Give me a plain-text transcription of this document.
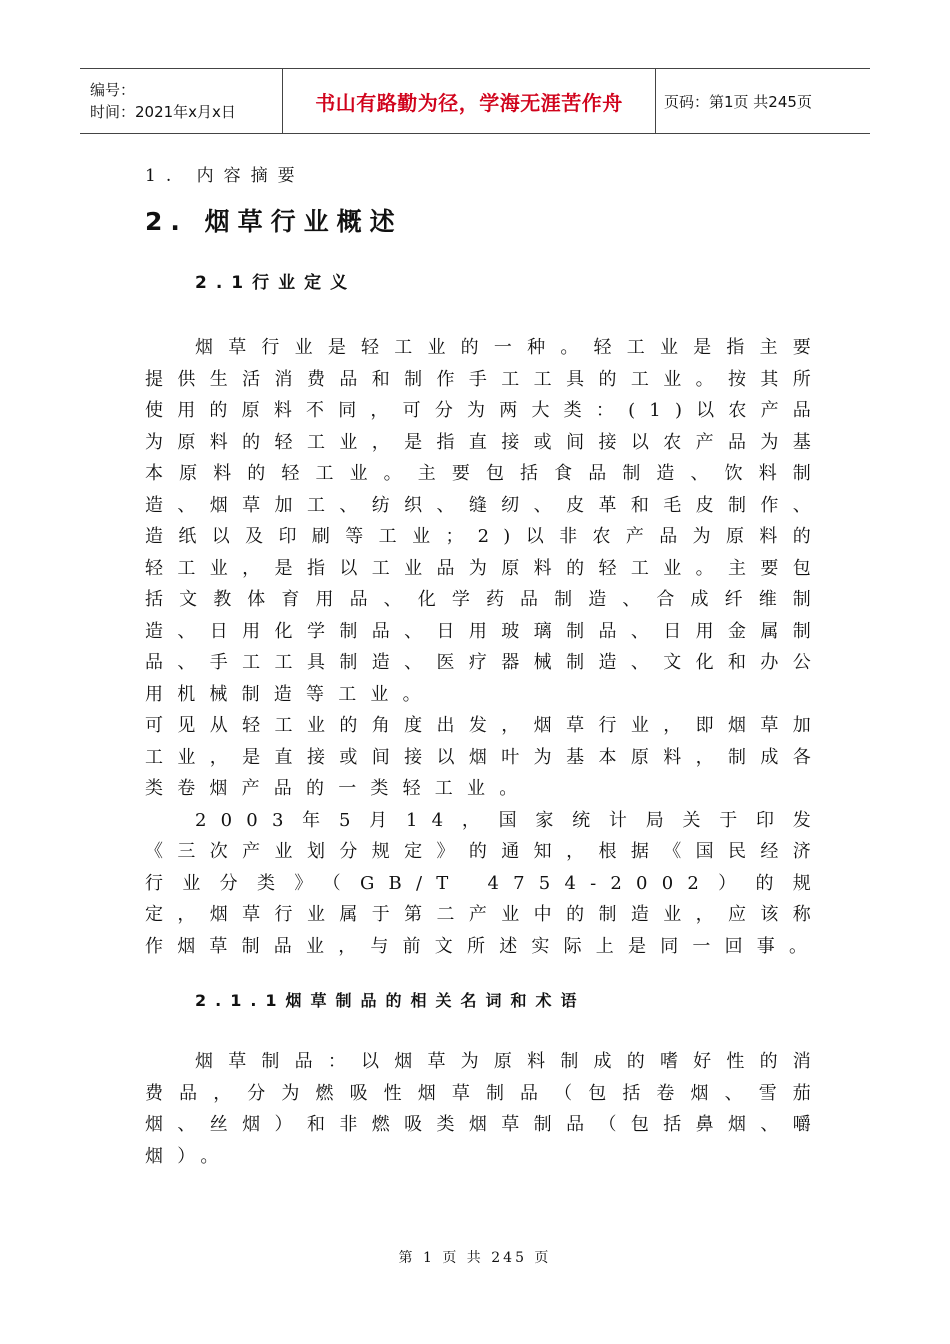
编号：
时间：2021年x月x日	书山有路勤为径，学海无涯苦作舟	页码：第1页 共245页

1. 内容摘要

2. 烟草行业概述
2.1行业定义

烟草行业是轻工业的一种。轻工业是指主要提供生活消费品和制作手工工具的工业。按其所使用的原料不同，可分为两大类：(1)以农产品为原料的轻工业，是指直接或间接以农产品为基本原料的轻工业。主要包括食品制造、饮料制造、烟草加工、纺织、缝纫、皮革和毛皮制作、造纸以及印刷等工业；2)以非农产品为原料的轻工业，是指以工业品为原料的轻工业。主要包括文教体育用品、化学药品制造、合成纤维制造、日用化学制品、日用玻璃制品、日用金属制品、手工工具制造、医疗器械制造、文化和办公用机械制造等工业。

可见从轻工业的角度出发，烟草行业，即烟草加工业，是直接或间接以烟叶为基本原料，制成各类卷烟产品的一类轻工业。

2003年5月14，国家统计局关于印发《三次产业划分规定》的通知，根据《国民经济行业分类》（GB/T 4754-2002）的规定，烟草行业属于第二产业中的制造业，应该称作烟草制品业，与前文所述实际上是同一回事。

2.1.1烟草制品的相关名词和术语

烟草制品：以烟草为原料制成的嗜好性的消费品，分为燃吸性烟草制品（包括卷烟、雪茄烟、丝烟）和非燃吸类烟草制品（包括鼻烟、嚼烟）。

第 1 页 共 245 页
